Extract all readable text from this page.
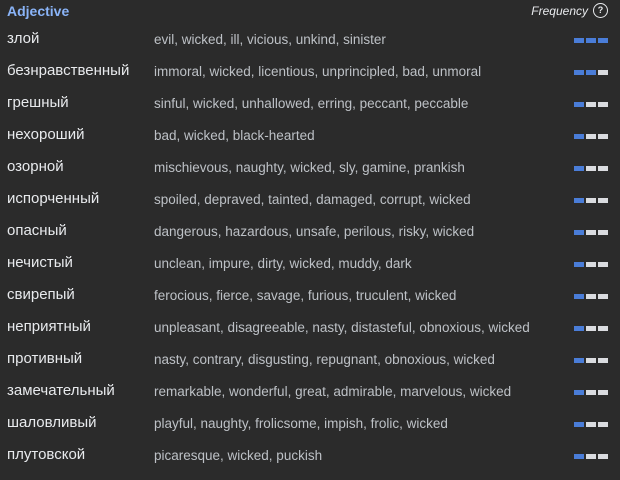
Adjective	Frequency	?
злой	evil, wicked, ill, vicious, unkind, sinister
безнравственный immoral, wicked, licentious, unprincipled, bad, unmoral
грешный	sinful, wicked, unhallowed, erring, peccant, peccable
нехороший	bad, wicked, black-hearted
озорной	mischievous, naughty, wicked, sly, gamine, prankish
испорченный	spoiled, depraved, tainted, damaged, corrupt, wicked
опасный	dangerous, hazardous, unsafe, perilous, risky, wicked
нечистый	unclean, impure, dirty, wicked, muddy, dark
свирепый	ferocious, fierce, savage, furious, truculent, wicked
неприятный	unpleasant, disagreeable, nasty, distasteful, obnoxious, wicked
противный	nasty, contrary, disgusting, repugnant, obnoxious, wicked
замечательный	remarkable, wonderful, great, admirable, marvelous, wicked
шаловливый	playful, naughty, frolicsome, impish, frolic, wicked
плутовской	picaresque, wicked, puckish
